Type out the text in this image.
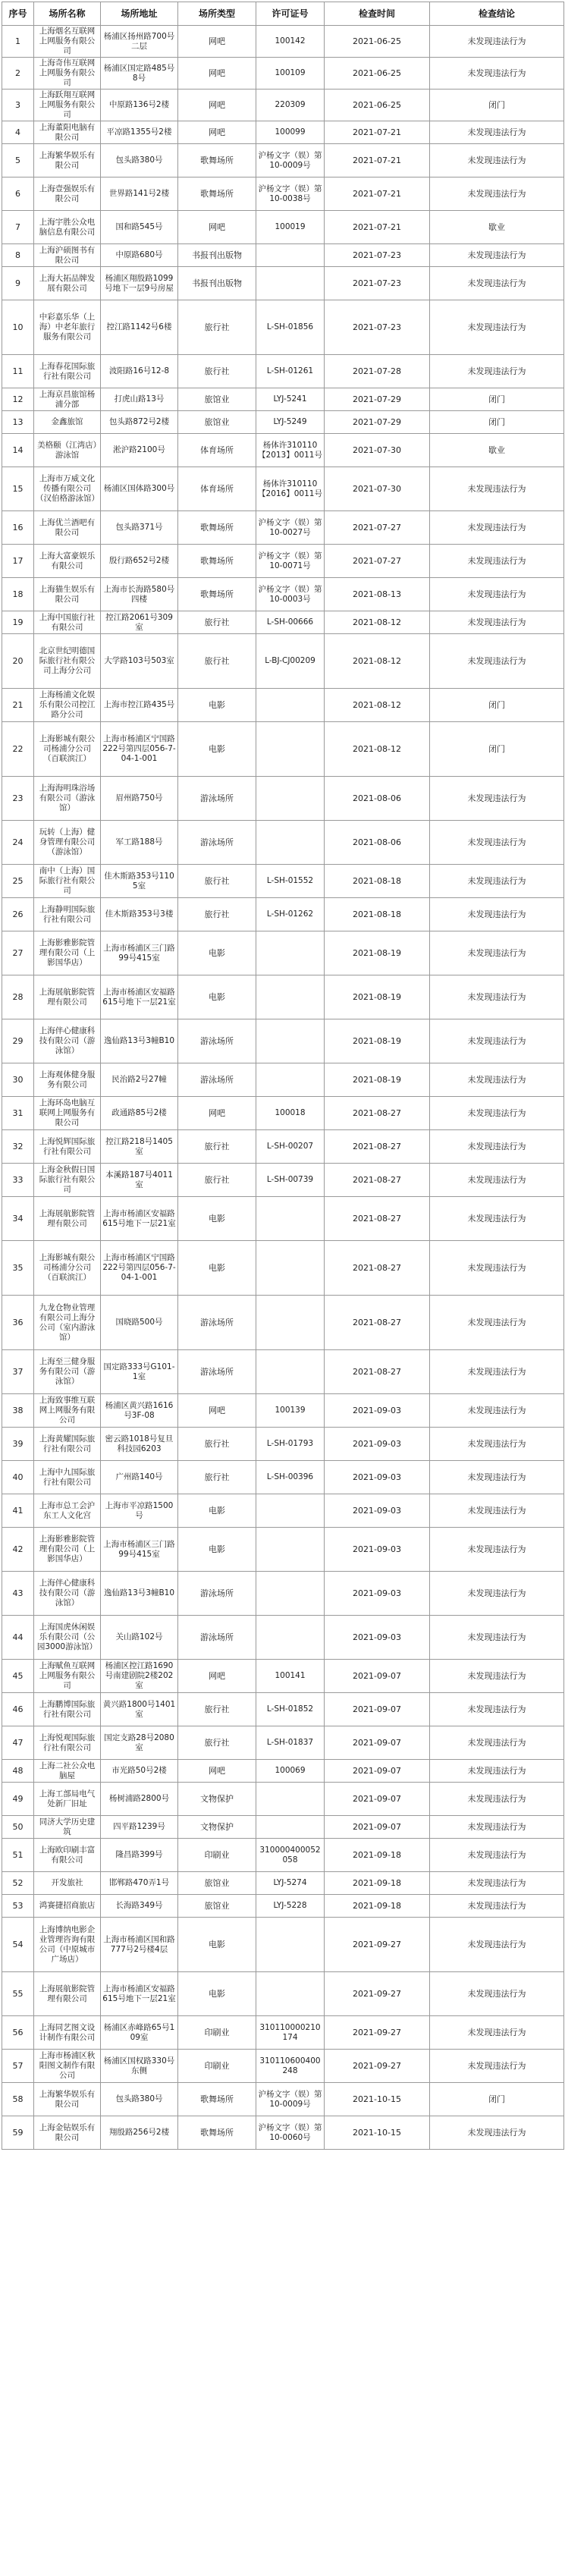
序号	场所名称	场所地址	场所类型	许可证号	检查时间	检查结论
1	上海烟名互联网上网服务有限公司	杨浦区扬州路700号二层	网吧	100142	2021-06-25	未发现违法行为
2	上海奇伟互联网上网服务有限公司	杨浦区国定路485号8号	网吧	100109	2021-06-25	未发现违法行为
3	上海跃翔互联网上网服务有限公司	中原路136号2楼	网吧	220309	2021-06-25	闭门
4	上海董阳电脑有限公司	平凉路1355号2楼	网吧	100099	2021-07-21	未发现违法行为
5	上海繁华娱乐有限公司	包头路380号	歌舞场所	沪杨文字（娱）第10-0009号	2021-07-21	未发现违法行为
6	上海壹强娱乐有限公司	世界路141号2楼	歌舞场所	沪杨文字（娱）第10-0038号	2021-07-21	未发现违法行为
7	上海宇胜公众电脑信息有限公司	国和路545号	网吧	100019	2021-07-21	歇业
8	上海沪硕图书有限公司	中原路680号	书报刊出版物		2021-07-23	未发现违法行为
9	上海大拓品牌发展有限公司	杨浦区翔殷路1099号地下一层9号房屋	书报刊出版物		2021-07-23	未发现违法行为
10	中彩嘉乐华（上海）中老年旅行服务有限公司	控江路1142号6楼	旅行社	L-SH-01856	2021-07-23	未发现违法行为
11	上海春花国际旅行社有限公司	波阳路16号12-8	旅行社	L-SH-01261	2021-07-28	未发现违法行为
12	上海京昌旅馆杨浦分部	打虎山路13号	旅馆业	LYJ-5241	2021-07-29	闭门
13	金鑫旅馆	包头路872号2楼	旅馆业	LYJ-5249	2021-07-29	闭门
14	美格颐（江湾店）游泳馆	淞沪路2100号	体育场所	杨体许310110【2013】0011号	2021-07-30	歇业
15	上海市万威文化传播有限公司（汉伯格游泳馆）	杨浦区国体路300号	体育场所	杨体许310110【2016】0011号	2021-07-30	未发现违法行为
16	上海优兰酒吧有限公司	包头路371号	歌舞场所	沪杨文字（娱）第10-0027号	2021-07-27	未发现违法行为
17	上海大富豪娱乐有限公司	殷行路652号2楼	歌舞场所	沪杨文字（娱）第10-0071号	2021-07-27	未发现违法行为
18	上海猫生娱乐有限公司	上海市长海路580号四楼	歌舞场所	沪杨文字（娱）第10-0003号	2021-08-13	未发现违法行为
19	上海中国旅行社有限公司	控江路2061号309室	旅行社	L-SH-00666	2021-08-12	未发现违法行为
20	北京世纪明德国际旅行社有限公司上海分公司	大学路103号503室	旅行社	L-BJ-CJ00209	2021-08-12	未发现违法行为
21	上海杨浦文化娱乐有限公司控江路分公司	上海市控江路435号	电影		2021-08-12	闭门
22	上海影城有限公司杨浦分公司（百联滨江）	上海市杨浦区宁国路222号第四层056-7-04-1-001	电影		2021-08-12	闭门
23	上海海明珠浴场有限公司（游泳馆）	眉州路750号	游泳场所		2021-08-06	未发现违法行为
24	玩转（上海）健身管理有限公司（游泳馆）	军工路188号	游泳场所		2021-08-06	未发现违法行为
25	南中（上海）国际旅行社有限公司	佳木斯路353号1105室	旅行社	L-SH-01552	2021-08-18	未发现违法行为
26	上海静明国际旅行社有限公司	佳木斯路353号3楼	旅行社	L-SH-01262	2021-08-18	未发现违法行为
27	上海影雅影院管理有限公司（上影国华店）	上海市杨浦区三门路99号415室	电影		2021-08-19	未发现违法行为
28	上海展航影院管理有限公司	上海市杨浦区安福路615号地下一层21室	电影		2021-08-19	未发现违法行为
29	上海伴心健康科技有限公司（游泳馆）	逸仙路13号3幢B10	游泳场所		2021-08-19	未发现违法行为
30	上海观体健身服务有限公司	民治路2号27幢	游泳场所		2021-08-19	未发现违法行为
31	上海环岛电脑互联网上网服务有限公司	政通路85号2楼	网吧	100018	2021-08-27	未发现违法行为
32	上海悦辉国际旅行社有限公司	控江路218号1405室	旅行社	L-SH-00207	2021-08-27	未发现违法行为
33	上海金秋假日国际旅行社有限公司	本溪路187号4011室	旅行社	L-SH-00739	2021-08-27	未发现违法行为
34	上海展航影院管理有限公司	上海市杨浦区安福路615号地下一层21室	电影		2021-08-27	未发现违法行为
35	上海影城有限公司杨浦分公司（百联滨江）	上海市杨浦区宁国路222号第四层056-7-04-1-001	电影		2021-08-27	未发现违法行为
36	九龙仓物业管理有限公司上海分公司（室内游泳馆）	国晓路500号	游泳场所		2021-08-27	未发现违法行为
37	上海至三健身服务有限公司（游泳馆）	国定路333号G101-1室	游泳场所		2021-08-27	未发现违法行为
38	上海致事维互联网上网服务有限公司	杨浦区黄兴路1616号3F-08	网吧	100139	2021-09-03	未发现违法行为
39	上海黄耀国际旅行社有限公司	密云路1018号复旦科技园6203	旅行社	L-SH-01793	2021-09-03	未发现违法行为
40	上海中九国际旅行社有限公司	广州路140号	旅行社	L-SH-00396	2021-09-03	未发现违法行为
41	上海市总工会沪东工人文化宫	上海市平凉路1500号	电影		2021-09-03	未发现违法行为
42	上海影雅影院管理有限公司（上影国华店）	上海市杨浦区三门路99号415室	电影		2021-09-03	未发现违法行为
43	上海伴心健康科技有限公司（游泳馆）	逸仙路13号3幢B10	游泳场所		2021-09-03	未发现违法行为
44	上海国虎休闲娱乐有限公司（公园3000游泳馆）	关山路102号	游泳场所		2021-09-03	未发现违法行为
45	上海赋鱼互联网上网服务有限公司	杨浦区控江路1690号南建剧院2楼202室	网吧	100141	2021-09-07	未发现违法行为
46	上海鹏博国际旅行社有限公司	黄兴路1800号1401室	旅行社	L-SH-01852	2021-09-07	未发现违法行为
47	上海悦观国际旅行社有限公司	国定支路28号2080室	旅行社	L-SH-01837	2021-09-07	未发现违法行为
48	上海二社公众电脑屋	市光路50号2楼	网吧	100069	2021-09-07	未发现违法行为
49	上海工部局电气处新厂旧址	杨树浦路2800号	文物保护		2021-09-07	未发现违法行为
50	同济大学历史建筑	四平路1239号	文物保护		2021-09-07	未发现违法行为
51	上海欧印刷丰富有限公司	隆昌路399号	印刷业	310000400052058	2021-09-18	未发现违法行为
52	开发旅社	邯郸路470弄1号	旅馆业	LYJ-5274	2021-09-18	未发现违法行为
53	鸿赛捷招商旅店	长海路349号	旅馆业	LYJ-5228	2021-09-18	未发现违法行为
54	上海博纳电影企业管理咨询有限公司（中原城市广场店）	上海市杨浦区国和路777号2号楼4层	电影		2021-09-27	未发现违法行为
55	上海展航影院管理有限公司	上海市杨浦区安福路615号地下一层21室	电影		2021-09-27	未发现违法行为
56	上海同艺图文设计制作有限公司	杨浦区赤峰路65号109室	印刷业	310110000210174	2021-09-27	未发现违法行为
57	上海市杨浦区秋阳图文制作有限公司	杨浦区国权路330号东侧	印刷业	310110600400248	2021-09-27	未发现违法行为
58	上海繁华娱乐有限公司	包头路380号	歌舞场所	沪杨文字（娱）第10-0009号	2021-10-15	闭门
59	上海金钻娱乐有限公司	翔殷路256号2楼	歌舞场所	沪杨文字（娱）第10-0060号	2021-10-15	未发现违法行为
